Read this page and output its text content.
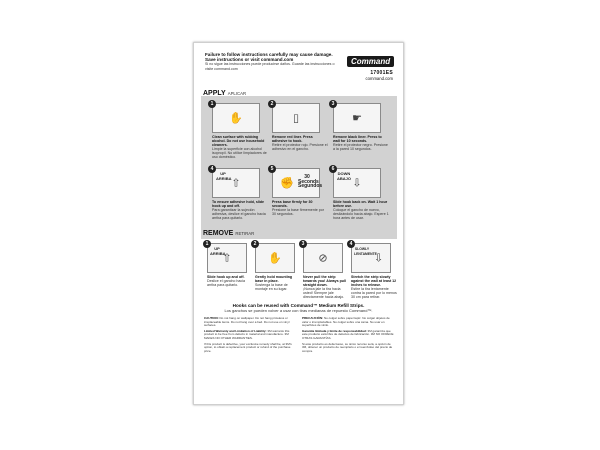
Failure to follow instructions carefully may cause damage. Save instructions or visit command.com
Si no sigue las instrucciones puede producirse daños. Guarde las instrucciones o visite command.com
Command
17001ES
command.com
APPLY APLICAR
1
✋
Clean surface with rubbing alcohol. Do not use household cleaners.
Limpie la superficie con alcohol isopropíl. No utilice limpiadores de uso doméstico.
2
▯
Remove red liner. Press adhesive to hook.
Retire el protector rojo. Presione el adhesivo en el gancho.
3
☛
Remove black liner. Press to wall for 10 seconds.
Retire el protector negro. Presione a la pared 10 segundos.
4
⇧
UP ARRIBA
To ensure adhesive hold, slide hook up and off.
Para garantizar la sujeción adhesiva, deslice el gancho hacia arriba para quitarlo.
5
✊
30 Seconds Segundos
Press base firmly for 30 seconds.
Presione la base firmemente por 30 segundos.
6
⇩
DOWN ABAJO
Slide hook back on. Wait 1 hour before use.
Coloque el gancho de nuevo, deslizándolo hacia abajo. Espere 1 hora antes de usar.
REMOVE RETIRAR
1
⇧
UP ARRIBA
Slide hook up and off.
Deslice el gancho hacia arriba para quitarlo.
2
✋
Gently hold mounting base in place.
Sostenga la base de montaje en su lugar.
3
⊘
Never pull the strip towards you! Always pull straight down.
¡Nunca jale la tira hacia usted! Siempre jale directamente hacia abajo.
4
⇩
SLOWLY LENTAMENTE
Stretch the strip slowly against the wall at least 12 inches to release.
Estire la tira lentamente contra la pared por lo menos 30 cm para retirar.
Hooks can be reused with Command™ Medium Refill Strips.
Los ganchos se pueden volver a usar con tiras medianas de repuesto Command™.

CAUTION: Do not hang on wallpaper. Do not hang priceless or irreplaceable items. Do not hang over a bed. Do not use on vinyl surfaces.

Limited Warranty and Limitation of Liability: 3M warrants this product to be free from defects in material and manufacture. 3M MAKES NO OTHER WARRANTIES.

If this product is defective, your exclusive remedy shall be, at 3M's option, to obtain a replacement product or refund of the purchase price.

PRECAUCIÓN: No colgar sobre papel tapiz. No colgar objetos de valor o irremplazables. No colgar sobre una cama. No usar en superficies de vinilo.

Garantía limitada y límite de responsabilidad: 3M garantiza que este producto está libre de defectos de fabricación. 3M NO OFRECE OTRAS GARANTÍAS.

Si este producto es defectuoso, su único recurso será, a opción de 3M, obtener un producto de reemplazo o el reembolso del precio de compra.
